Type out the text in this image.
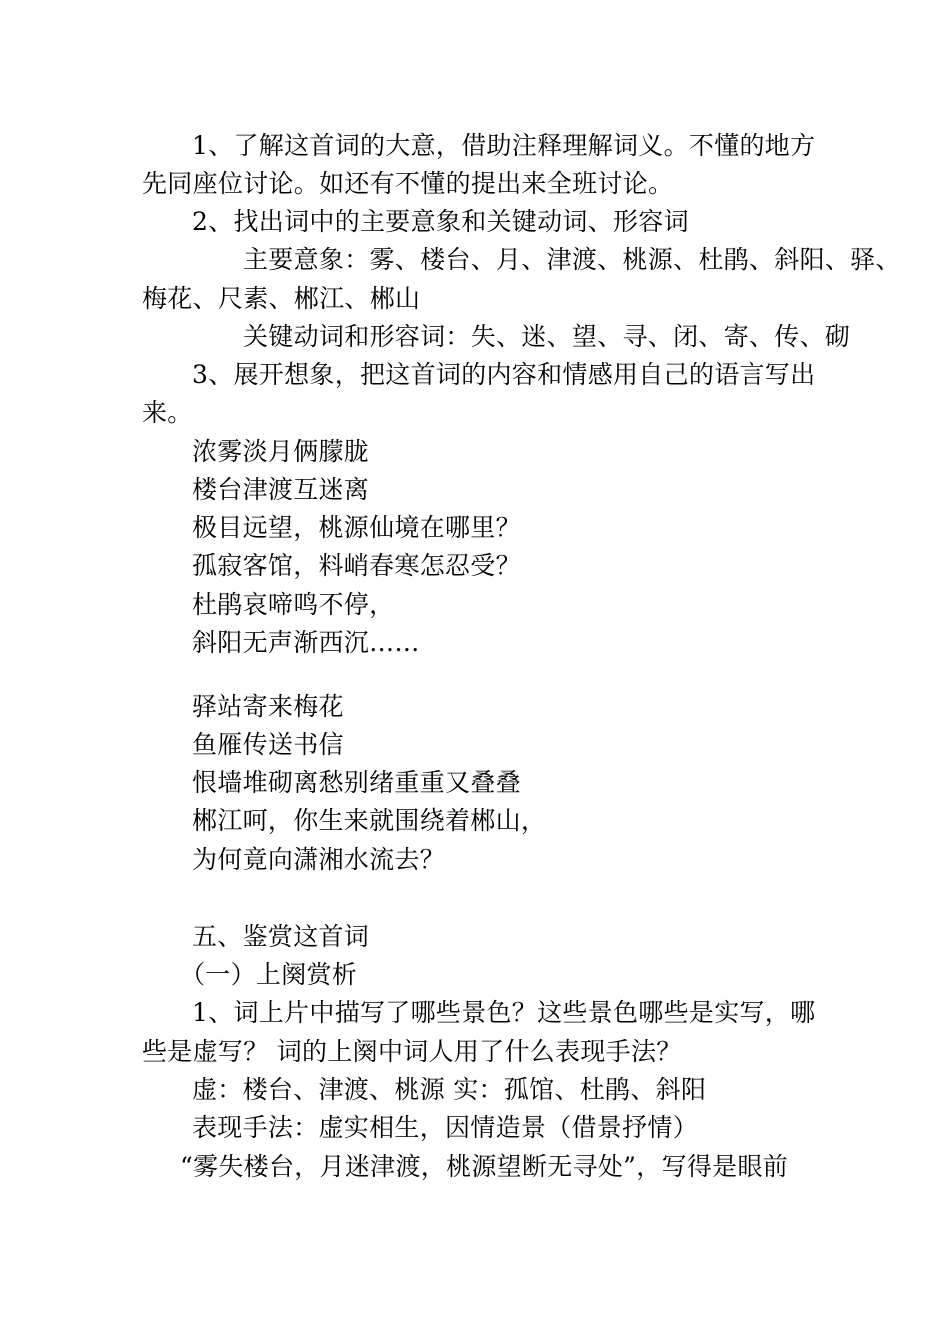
1、了解这首词的大意，借助注释理解词义。不懂的地方
先同座位讨论。如还有不懂的提出来全班讨论。
2、找出词中的主要意象和关键动词、形容词
主要意象：雾、楼台、月、津渡、桃源、杜鹃、斜阳、驿、
梅花、尺素、郴江、郴山
关键动词和形容词：失、迷、望、寻、闭、寄、传、砌
3、展开想象，把这首词的内容和情感用自己的语言写出
来。
浓雾淡月俩朦胧
楼台津渡互迷离
极目远望，桃源仙境在哪里？
孤寂客馆，料峭春寒怎忍受？
杜鹃哀啼鸣不停，
斜阳无声渐西沉……
驿站寄来梅花
鱼雁传送书信
恨墙堆砌离愁别绪重重又叠叠
郴江呵，你生来就围绕着郴山，
为何竟向潇湘水流去？
五、鉴赏这首词
（一）上阕赏析
1、词上片中描写了哪些景色？这些景色哪些是实写，哪
些是虚写？ 词的上阕中词人用了什么表现手法？
虚：楼台、津渡、桃源 实：孤馆、杜鹃、斜阳
表现手法：虚实相生，因情造景（借景抒情）
“雾失楼台，月迷津渡，桃源望断无寻处”，写得是眼前
